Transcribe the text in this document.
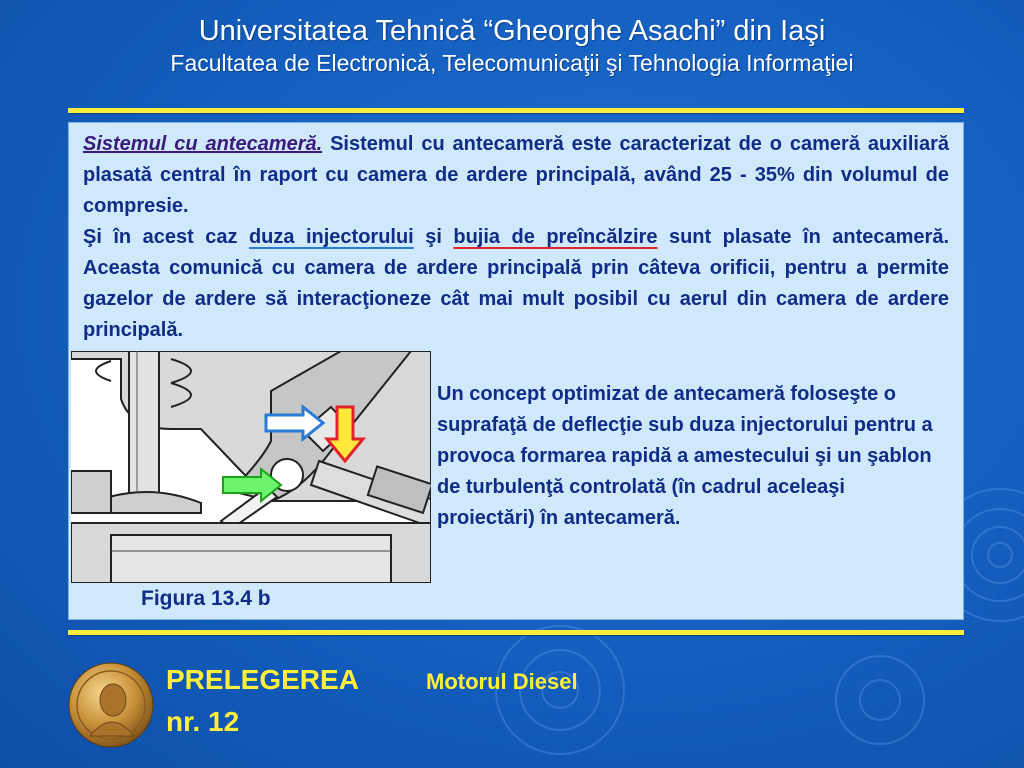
Universitatea Tehnică “Gheorghe Asachi” din Iaşi
Facultatea de Electronică, Telecomunicaţii şi Tehnologia Informaţiei

Sistemul cu antecameră. Sistemul cu antecameră este caracterizat de o cameră auxiliară plasată central în raport cu camera de ardere principală, având 25 - 35% din volumul de compresie.

Şi în acest caz duza injectorului şi bujia de preîncălzire sunt plasate în antecameră. Aceasta comunică cu camera de ardere principală prin câteva orificii, pentru a permite gazelor de ardere să interacţioneze cât mai mult posibil cu aerul din camera de ardere principală.

Figura 13.4 b
Un concept optimizat de antecameră foloseşte o suprafaţă de deflecţie sub duza injectorului pentru a provoca formarea rapidă a amestecului şi un şablon de turbulenţă controlată (în cadrul aceleaşi proiectări) în antecameră.
PRELEGEREA	Motorul Diesel
nr. 12
